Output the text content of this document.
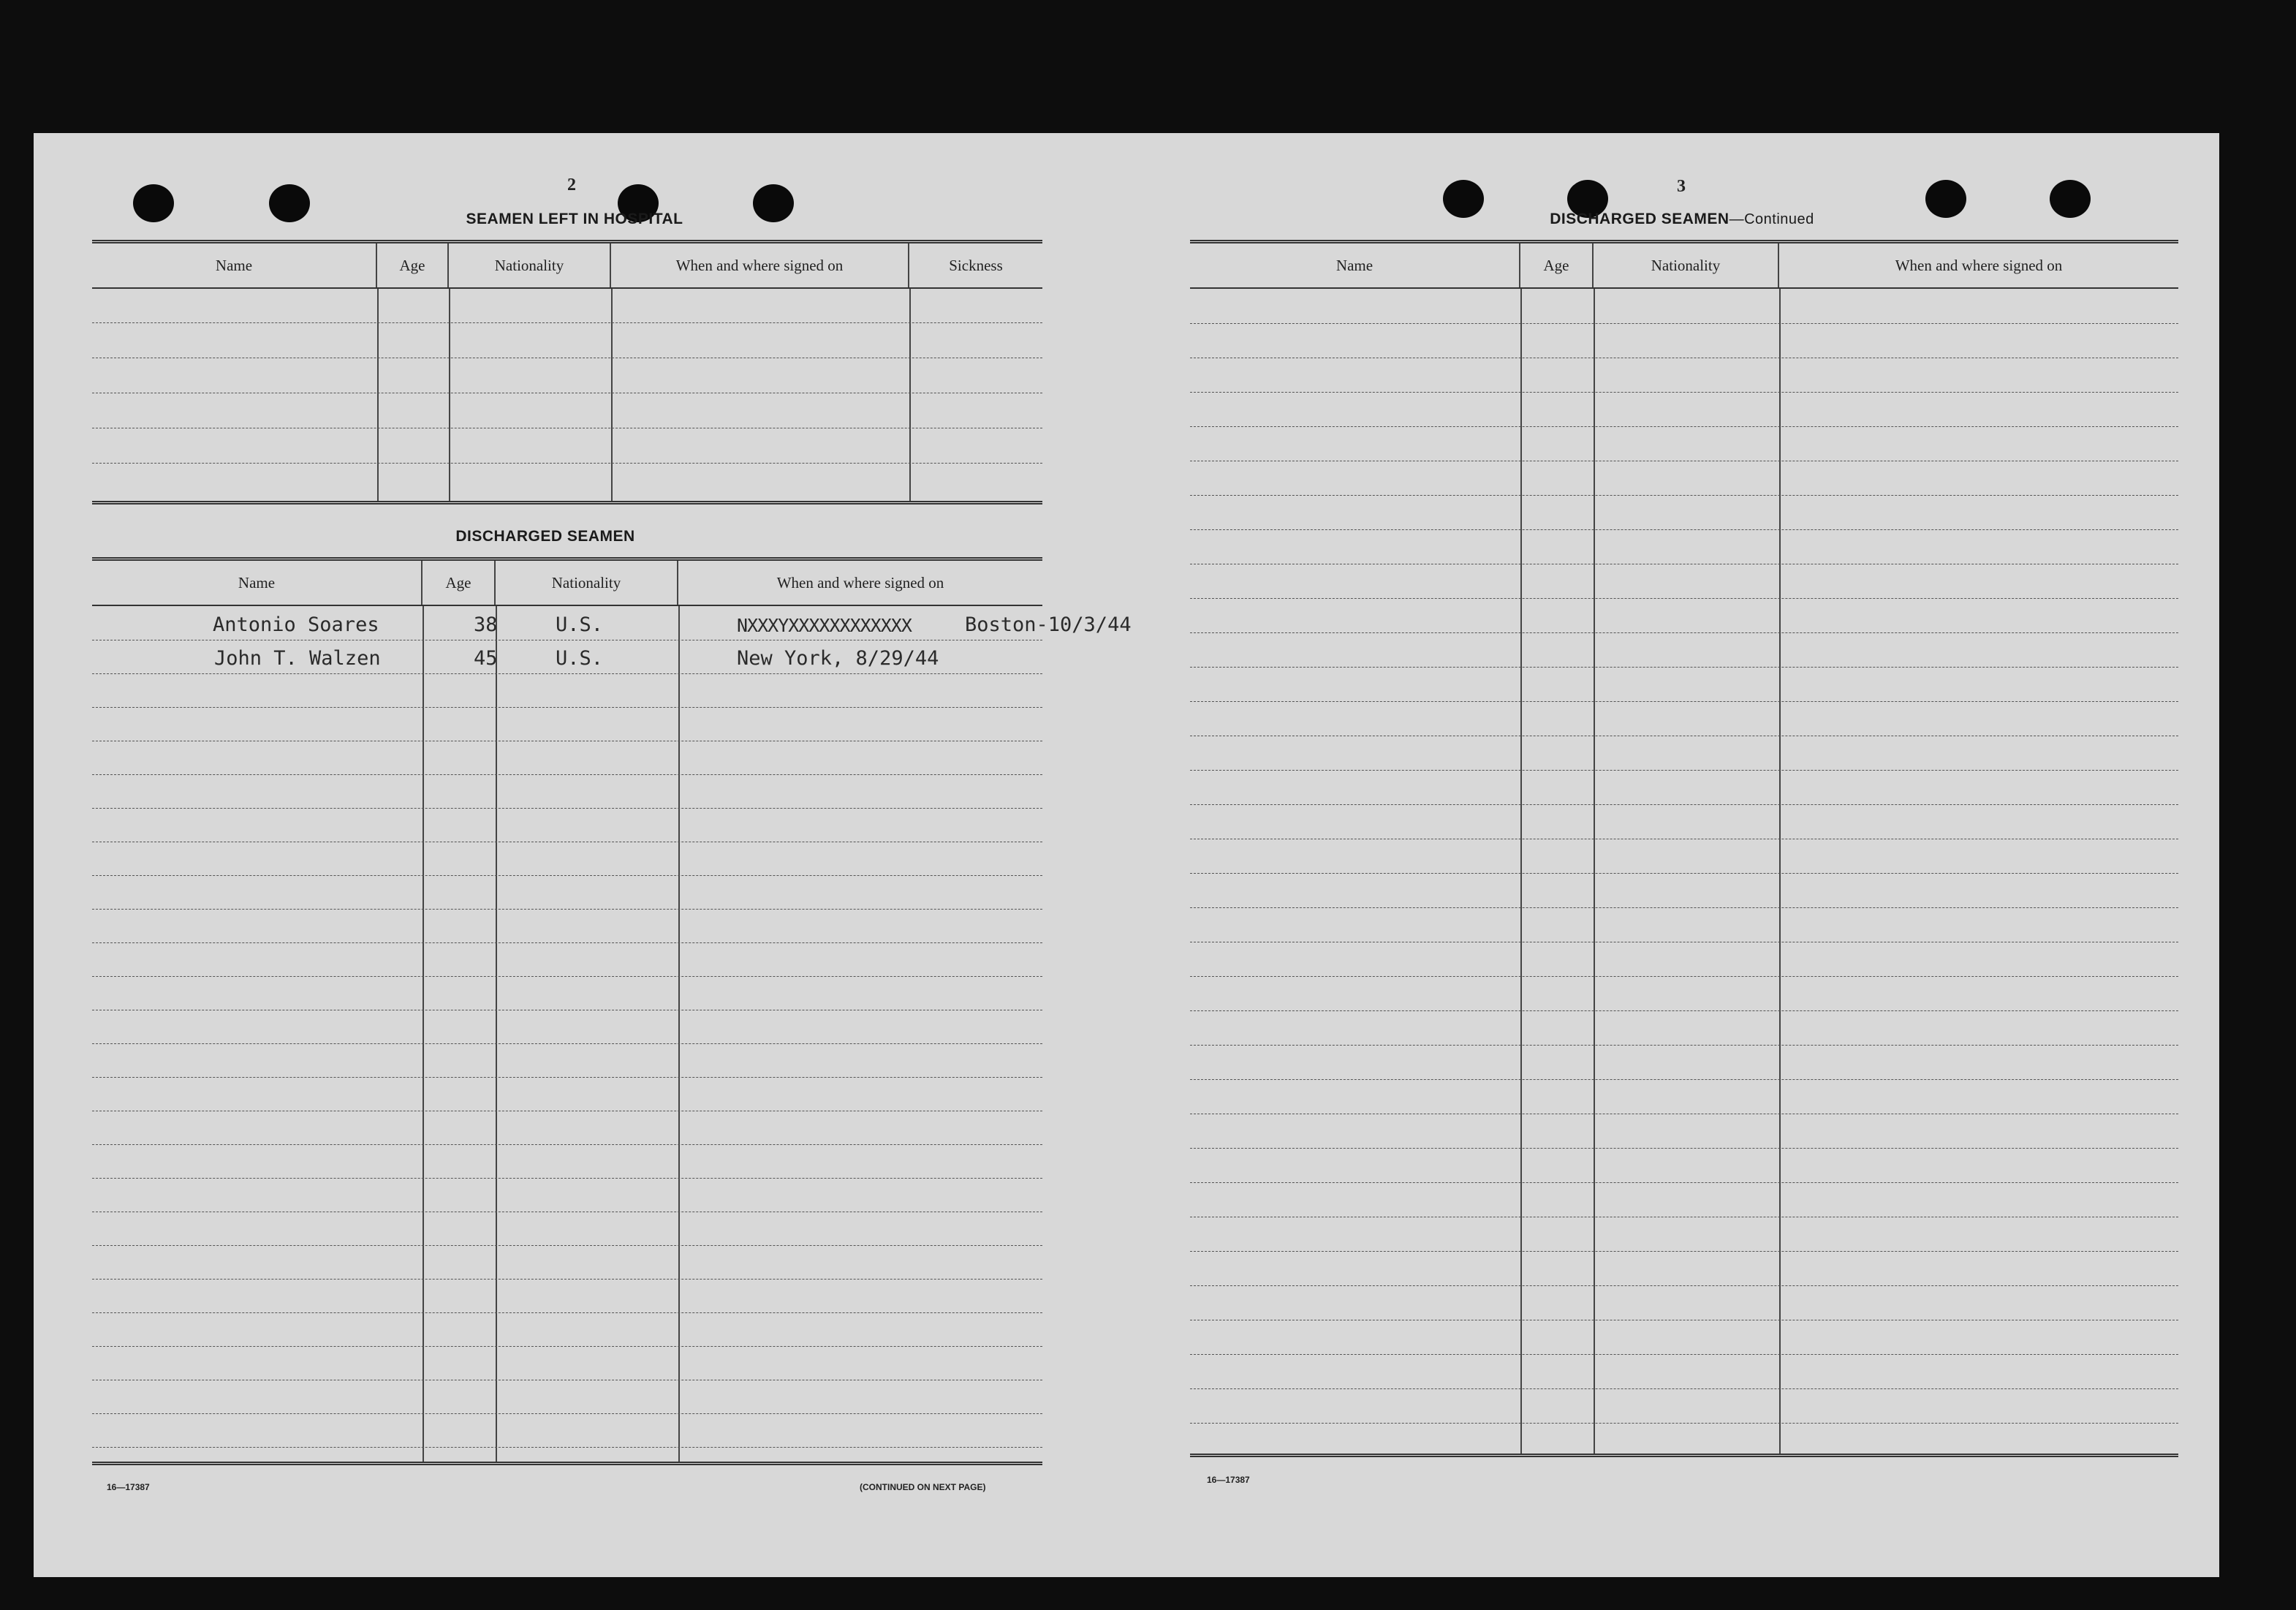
2
SEAMEN LEFT IN HOSPITAL
Name	Age	Nationality	When and where signed on	Sickness
DISCHARGED SEAMEN
Name	Age	Nationality	When and where signed on
Antonio Soares	38	U.S.	NXXXYXXXXXXXXXXXX	Boston-10/3/44
John T. Walzen	45	U.S.	New York, 8/29/44
16—17387	(CONTINUED ON NEXT PAGE)
3
DISCHARGED SEAMEN—Continued
Name	Age	Nationality	When and where signed on
16—17387
